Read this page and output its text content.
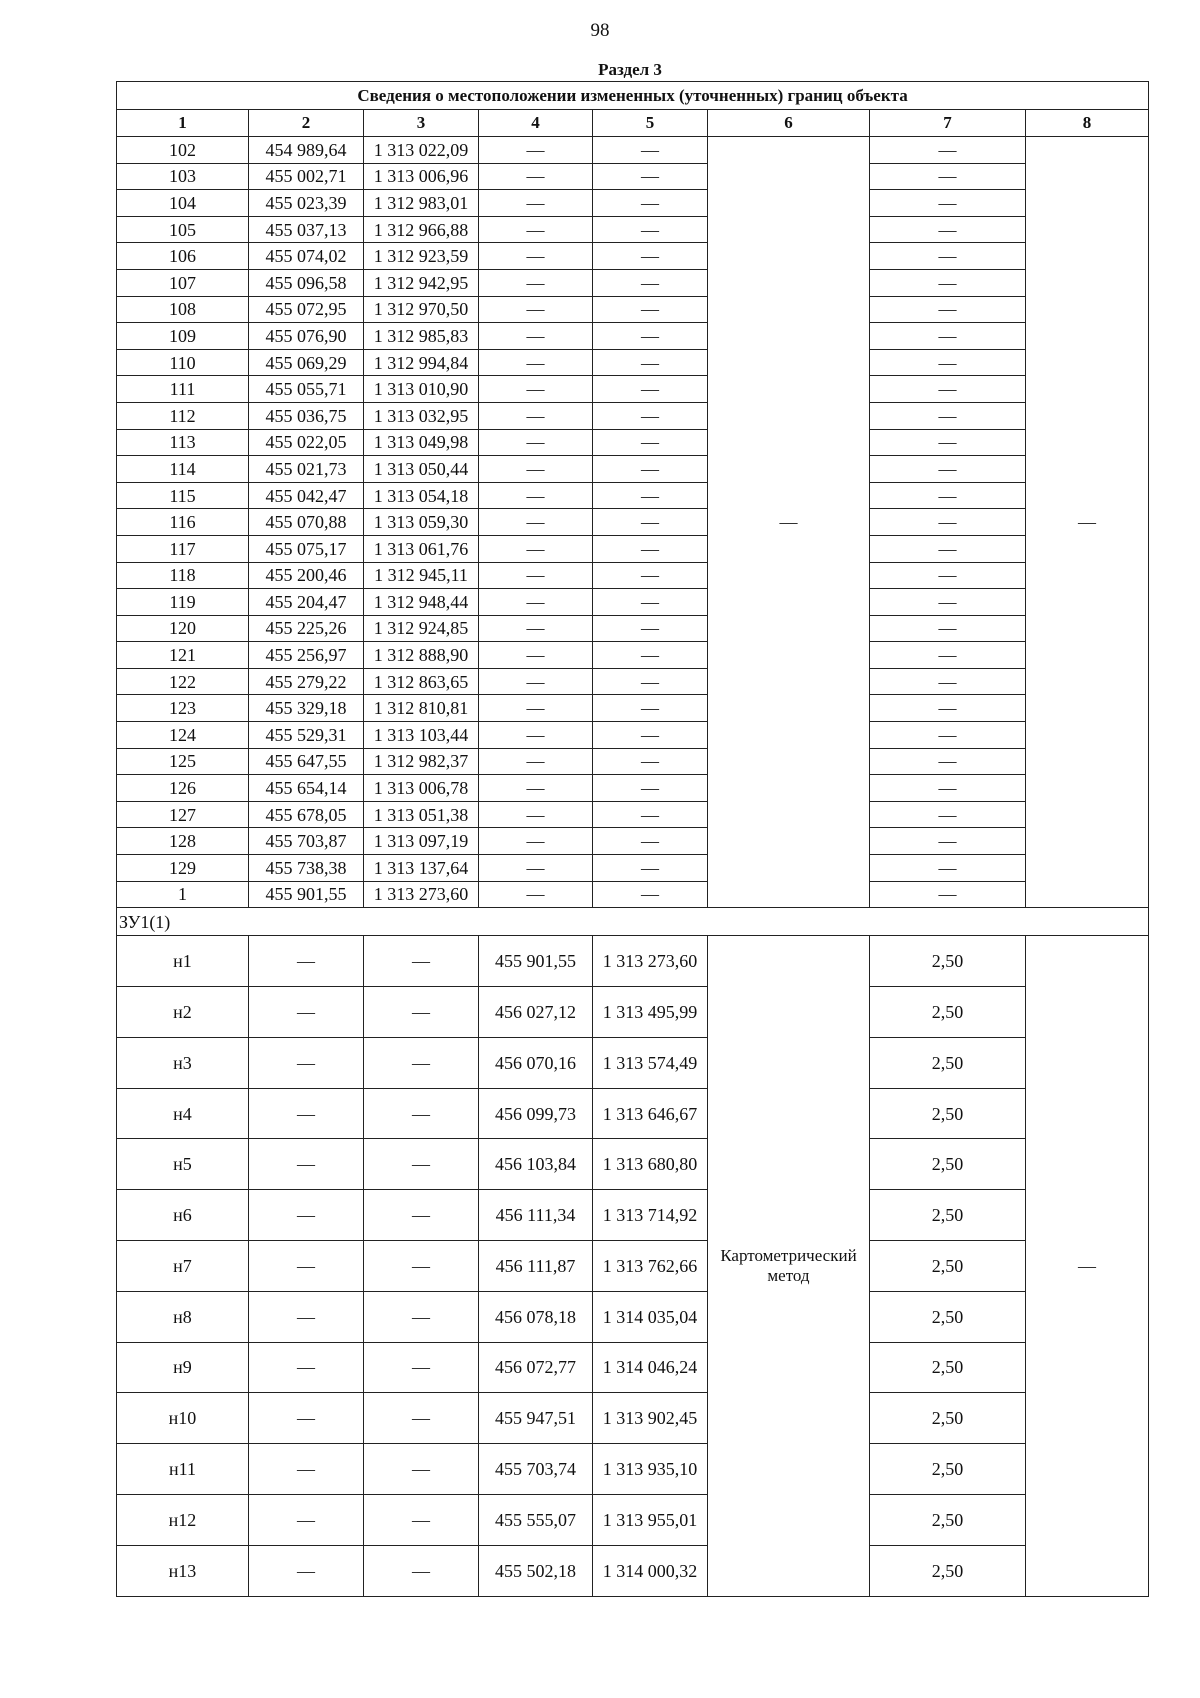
98
Раздел 3
Сведения о местоположении измененных (уточненных) границ объекта							
1	2	3	4	5	6	7	8
102	454 989,64	1 313 022,09	—	—	—	—	—
103	455 002,71	1 313 006,96	—	—		—	
104	455 023,39	1 312 983,01	—	—		—	
105	455 037,13	1 312 966,88	—	—		—	
106	455 074,02	1 312 923,59	—	—		—	
107	455 096,58	1 312 942,95	—	—		—	
108	455 072,95	1 312 970,50	—	—		—	
109	455 076,90	1 312 985,83	—	—		—	
110	455 069,29	1 312 994,84	—	—		—	
111	455 055,71	1 313 010,90	—	—		—	
112	455 036,75	1 313 032,95	—	—		—	
113	455 022,05	1 313 049,98	—	—		—	
114	455 021,73	1 313 050,44	—	—		—	
115	455 042,47	1 313 054,18	—	—		—	
116	455 070,88	1 313 059,30	—	—		—	
117	455 075,17	1 313 061,76	—	—		—	
118	455 200,46	1 312 945,11	—	—		—	
119	455 204,47	1 312 948,44	—	—		—	
120	455 225,26	1 312 924,85	—	—		—	
121	455 256,97	1 312 888,90	—	—		—	
122	455 279,22	1 312 863,65	—	—		—	
123	455 329,18	1 312 810,81	—	—		—	
124	455 529,31	1 313 103,44	—	—		—	
125	455 647,55	1 312 982,37	—	—		—	
126	455 654,14	1 313 006,78	—	—		—	
127	455 678,05	1 313 051,38	—	—		—	
128	455 703,87	1 313 097,19	—	—		—	
129	455 738,38	1 313 137,64	—	—		—	
1	455 901,55	1 313 273,60	—	—		—	
ЗУ1(1)							
н1	—	—	455 901,55	1 313 273,60	Картометрический метод	2,50	—
н2	—	—	456 027,12	1 313 495,99		2,50	
н3	—	—	456 070,16	1 313 574,49		2,50	
н4	—	—	456 099,73	1 313 646,67		2,50	
н5	—	—	456 103,84	1 313 680,80		2,50	
н6	—	—	456 111,34	1 313 714,92		2,50	
н7	—	—	456 111,87	1 313 762,66		2,50	
н8	—	—	456 078,18	1 314 035,04		2,50	
н9	—	—	456 072,77	1 314 046,24		2,50	
н10	—	—	455 947,51	1 313 902,45		2,50	
н11	—	—	455 703,74	1 313 935,10		2,50	
н12	—	—	455 555,07	1 313 955,01		2,50	
н13	—	—	455 502,18	1 314 000,32		2,50	
